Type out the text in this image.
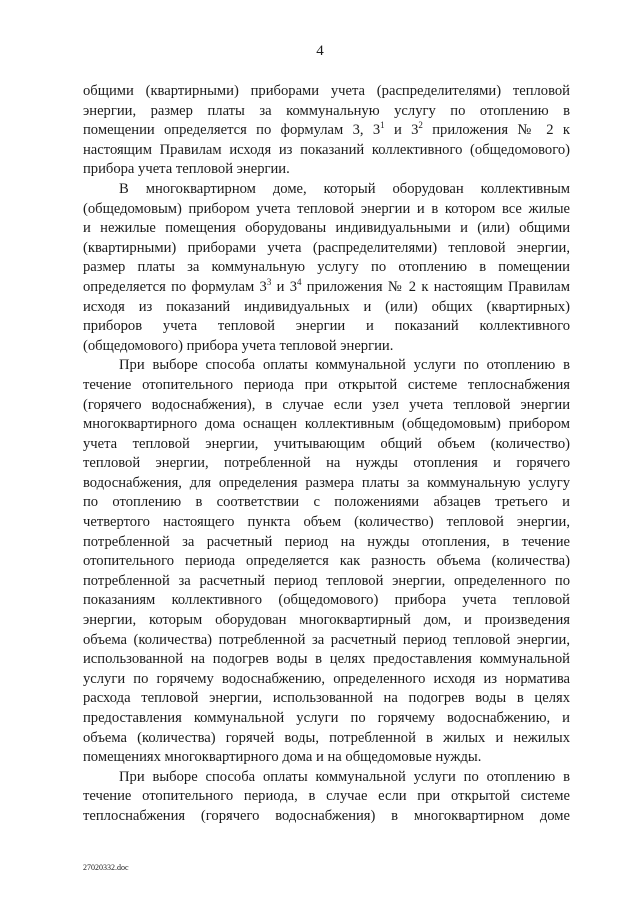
4

общими (квартирными) приборами учета (распределителями) тепловой
энергии, размер платы за коммунальную услугу по отоплению в
помещении определяется по формулам 3, $3^1$ и $3^2$ приложения № 2 к
настоящим Правилам исходя из показаний коллективного (общедомового)
прибора учета тепловой энергии.

В многоквартирном доме, который оборудован коллективным
(общедомовым) прибором учета тепловой энергии и в котором все жилые
и нежилые помещения оборудованы индивидуальными и (или) общими
(квартирными) приборами учета (распределителями) тепловой энергии,
размер платы за коммунальную услугу по отоплению в помещении
определяется по формулам $3^3$ и $3^4$ приложения № 2 к настоящим Правилам
исходя из показаний индивидуальных и (или) общих (квартирных)
приборов учета тепловой энергии и показаний коллективного
(общедомового) прибора учета тепловой энергии.

При выборе способа оплаты коммунальной услуги по отоплению в
течение отопительного периода при открытой системе теплоснабжения
(горячего водоснабжения), в случае если узел учета тепловой энергии
многоквартирного дома оснащен коллективным (общедомовым) прибором
учета тепловой энергии, учитывающим общий объем (количество)
тепловой энергии, потребленной на нужды отопления и горячего
водоснабжения, для определения размера платы за коммунальную услугу
по отоплению в соответствии с положениями абзацев третьего и
четвертого настоящего пункта объем (количество) тепловой энергии,
потребленной за расчетный период на нужды отопления, в течение
отопительного периода определяется как разность объема (количества)
потребленной за расчетный период тепловой энергии, определенного по
показаниям коллективного (общедомового) прибора учета тепловой
энергии, которым оборудован многоквартирный дом, и произведения
объема (количества) потребленной за расчетный период тепловой энергии,
использованной на подогрев воды в целях предоставления коммунальной
услуги по горячему водоснабжению, определенного исходя из норматива
расхода тепловой энергии, использованной на подогрев воды в целях
предоставления коммунальной услуги по горячему водоснабжению, и
объема (количества) горячей воды, потребленной в жилых и нежилых
помещениях многоквартирного дома и на общедомовые нужды.

При выборе способа оплаты коммунальной услуги по отоплению в
течение отопительного периода, в случае если при открытой системе
теплоснабжения (горячего водоснабжения) в многоквартирном доме

27020332.doc
